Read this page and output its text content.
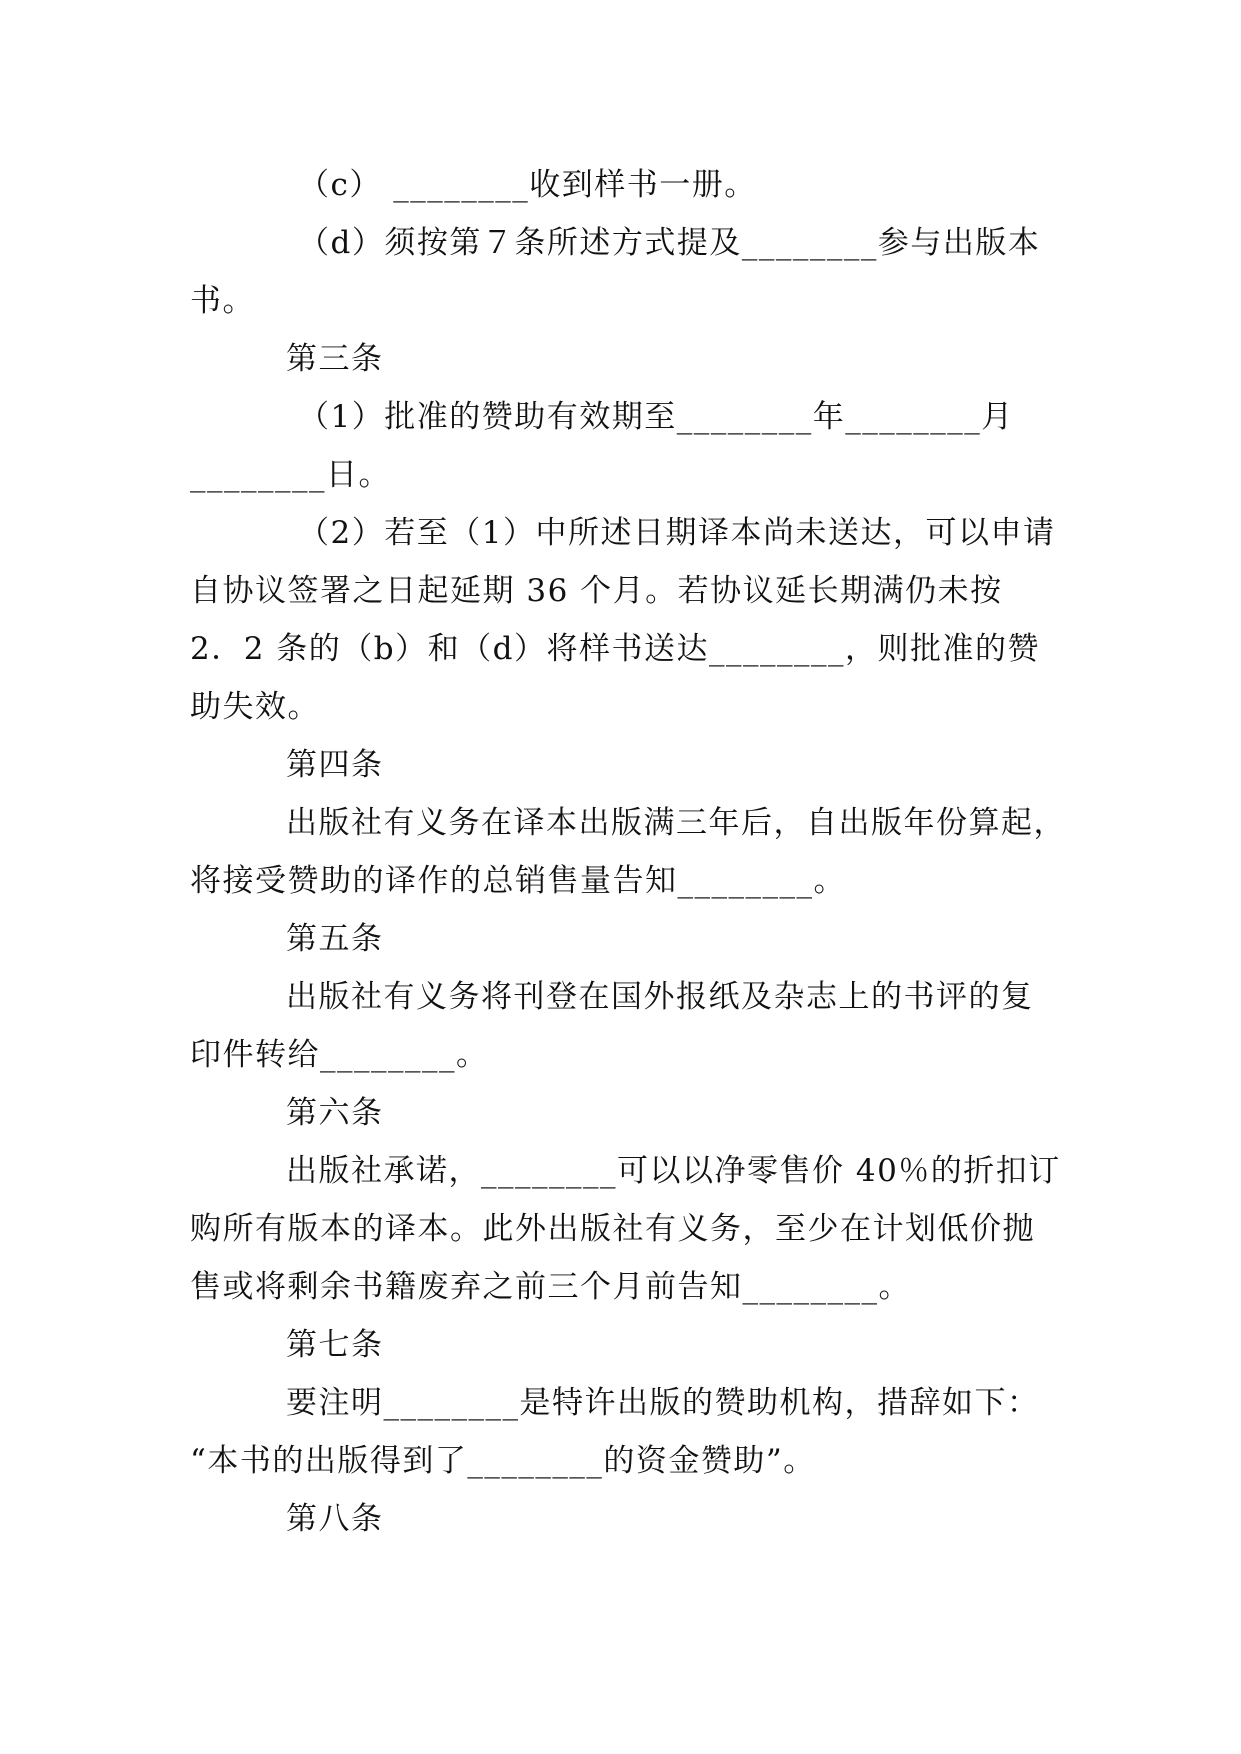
（c） ________收到样书一册。
（d）须按第７条所述方式提及________参与出版本
书。
第三条
（1）批准的赞助有效期至________年________月
________日。
（2）若至（1）中所述日期译本尚未送达，可以申请
自协议签署之日起延期 36 个月。若协议延长期满仍未按
2．2 条的（b）和（d）将样书送达________，则批准的赞
助失效。
第四条
出版社有义务在译本出版满三年后，自出版年份算起，
将接受赞助的译作的总销售量告知________。
第五条
出版社有义务将刊登在国外报纸及杂志上的书评的复
印件转给________。
第六条
出版社承诺，________可以以净零售价 40％的折扣订
购所有版本的译本。此外出版社有义务，至少在计划低价抛
售或将剩余书籍废弃之前三个月前告知________。
第七条
要注明________是特许出版的赞助机构，措辞如下：
“本书的出版得到了________的资金赞助”。
第八条
